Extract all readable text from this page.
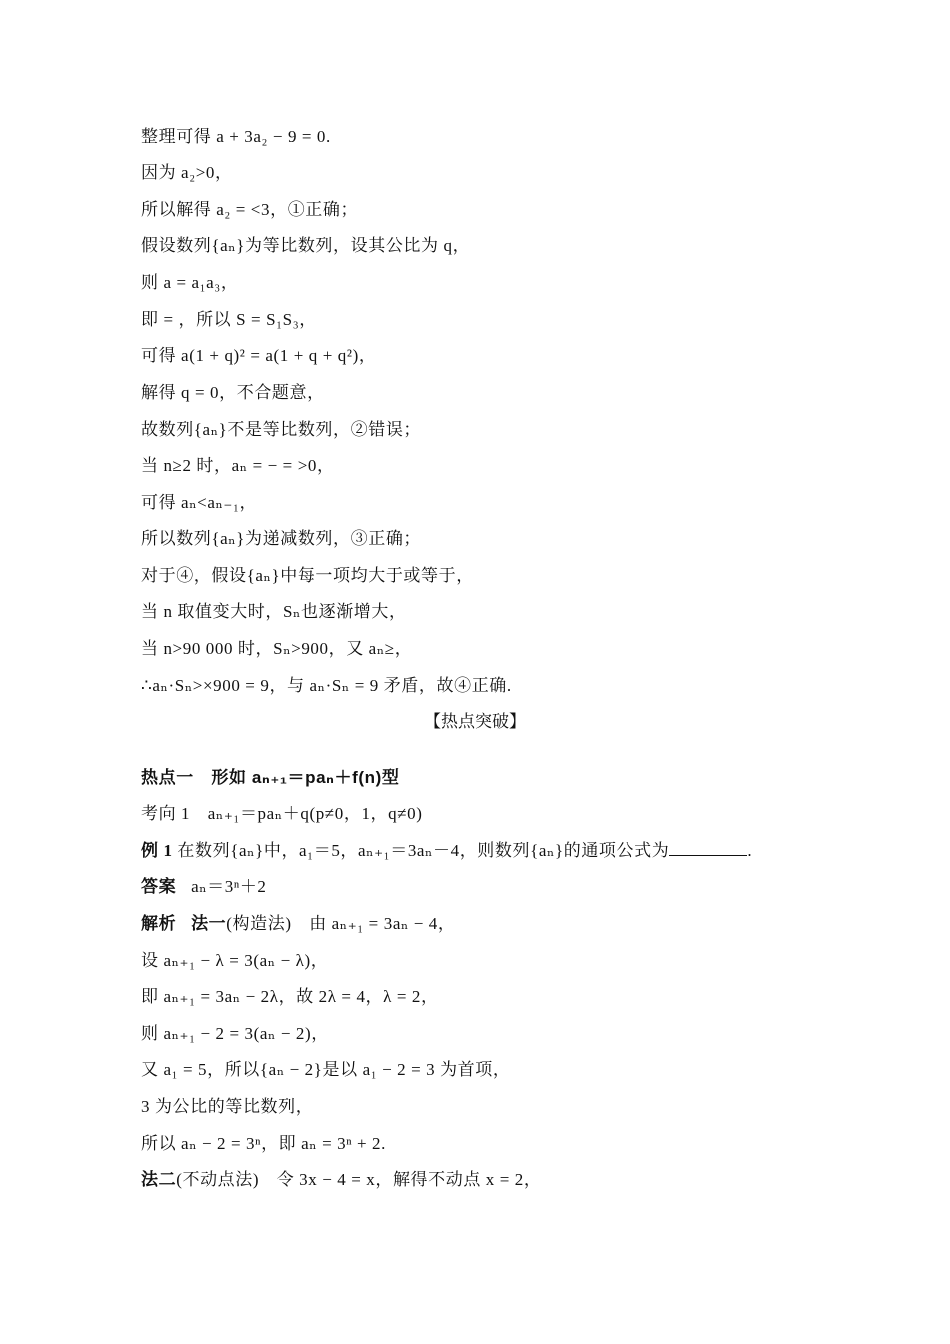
整理可得 a + 3a₂ − 9 = 0.
因为 a₂>0，
所以解得 a₂ = <3，①正确；
假设数列{aₙ}为等比数列，设其公比为 q，
则 a = a₁a₃，
即 = ，所以 S = S₁S₃，
可得 a(1 + q)² = a(1 + q + q²)，
解得 q = 0，不合题意，
故数列{aₙ}不是等比数列，②错误；
当 n≥2 时，aₙ = − = >0，
可得 aₙ<aₙ₋₁，
所以数列{aₙ}为递减数列，③正确；
对于④，假设{aₙ}中每一项均大于或等于，
当 n 取值变大时，Sₙ也逐渐增大，
当 n>90 000 时，Sₙ>900，又 aₙ≥，
∴aₙ·Sₙ>×900 = 9，与 aₙ·Sₙ = 9 矛盾，故④正确.
【热点突破】
热点一　形如 aₙ₊₁＝paₙ＋f(n)型
考向 1　aₙ₊₁＝paₙ＋q(p≠0，1，q≠0)
例 1 在数列{aₙ}中，a₁＝5，aₙ₊₁＝3aₙ－4，则数列{aₙ}的通项公式为	.
答案 aₙ＝3ⁿ＋2
解析 法一(构造法)　由 aₙ₊₁ = 3aₙ − 4，
设 aₙ₊₁ − λ = 3(aₙ − λ)，
即 aₙ₊₁ = 3aₙ − 2λ，故 2λ = 4，λ = 2，
则 aₙ₊₁ − 2 = 3(aₙ − 2)，
又 a₁ = 5，所以{aₙ − 2}是以 a₁ − 2 = 3 为首项，
3 为公比的等比数列，
所以 aₙ − 2 = 3ⁿ，即 aₙ = 3ⁿ + 2.
法二(不动点法)　令 3x − 4 = x，解得不动点 x = 2，
